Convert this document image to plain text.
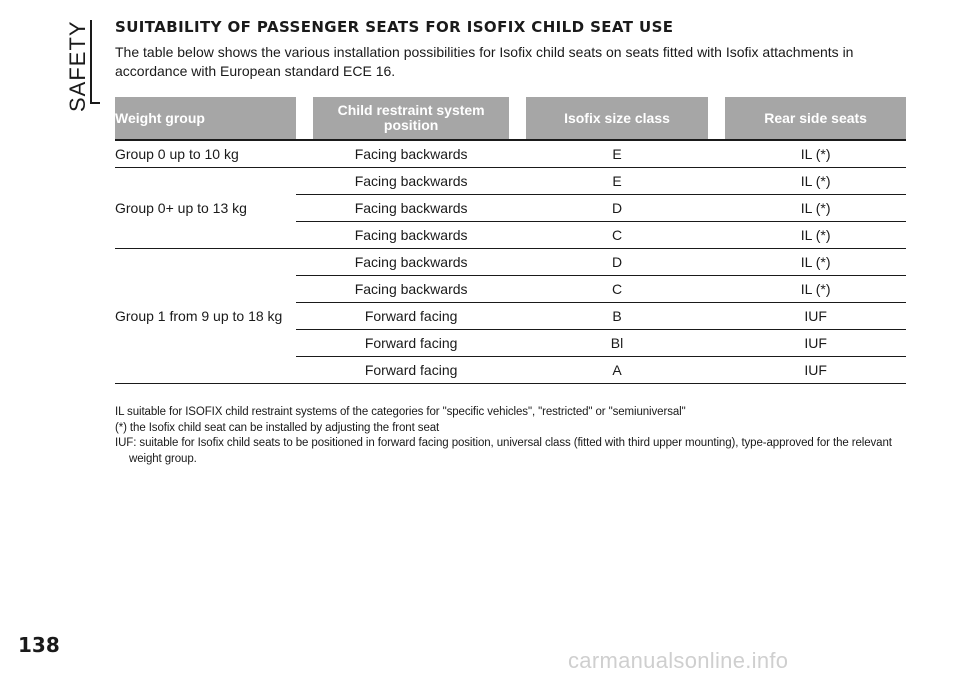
SAFETY SUITABILITY OF PASSENGER SEATS FOR ISOFIX CHILD SEAT USE
The table below shows the various installation possibilities for Isofix child seats on seats fitted with Isofix attachments in accordance with European standard ECE 16.
Weight group		Child restraint system position		Isofix size class		Rear side seats
Group 0 up to 10 kg		Facing backwards		E		IL (*)
Group 0+ up to 13 kg		Facing backwards		E		IL (*)
		Facing backwards		D		IL (*)
		Facing backwards		C		IL (*)
Group 1 from 9 up to 18 kg		Facing backwards		D		IL (*)
		Facing backwards		C		IL (*)
		Forward facing		B		IUF
		Forward facing		Bl		IUF
		Forward facing		A		IUF
IL suitable for ISOFIX child restraint systems of the categories for "specific vehicles", "restricted" or "semiuniversal"
(*) the Isofix child seat can be installed by adjusting the front seat
IUF: suitable for Isofix child seats to be positioned in forward facing position, universal class (fitted with third upper mounting), type-approved for the relevant weight group.
138
carmanualsonline.info
